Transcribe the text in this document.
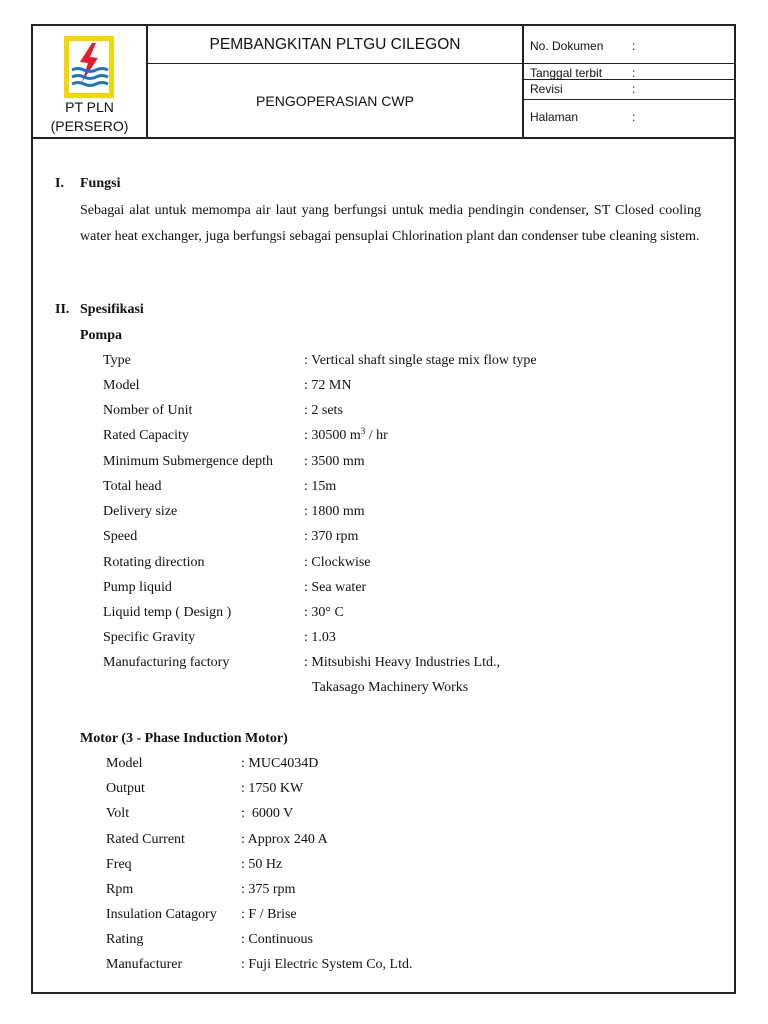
PT PLN
(PERSERO)
PEMBANGKITAN PLTGU CILEGON
PENGOPERASIAN CWP
No. Dokumen :
Tanggal terbit :
Revisi	:
Halaman	:
I. Fungsi
Sebagai alat untuk memompa air laut yang berfungsi untuk media pendingin condenser, ST Closed cooling water heat exchanger, juga berfungsi sebagai pensuplai Chlorination plant dan condenser tube cleaning sistem.
II. Spesifikasi
Pompa
Type	: Vertical shaft single stage mix flow type
Model	: 72 MN
Nomber of Unit	: 2 sets
Rated Capacity	: 30500 $m^3$ / hr
Minimum Submergence depth : 3500 mm
Total head	: 15m
Delivery size	: 1800 mm
Speed	: 370 rpm
Rotating direction	: Clockwise
Pump liquid	: Sea water
Liquid temp ( Design )	: 30° C
Specific Gravity	: 1.03
Manufacturing factory	: Mitsubishi Heavy Industries Ltd.,
Takasago Machinery Works
Motor (3 - Phase Induction Motor)
Model	: MUC4034D
Output	: 1750 KW
Volt	:  6000 V
Rated Current	: Approx 240 A
Freq	: 50 Hz
Rpm	: 375 rpm
Insulation Catagory : F / Brise
Rating	: Continuous
Manufacturer	: Fuji Electric System Co, Ltd.
